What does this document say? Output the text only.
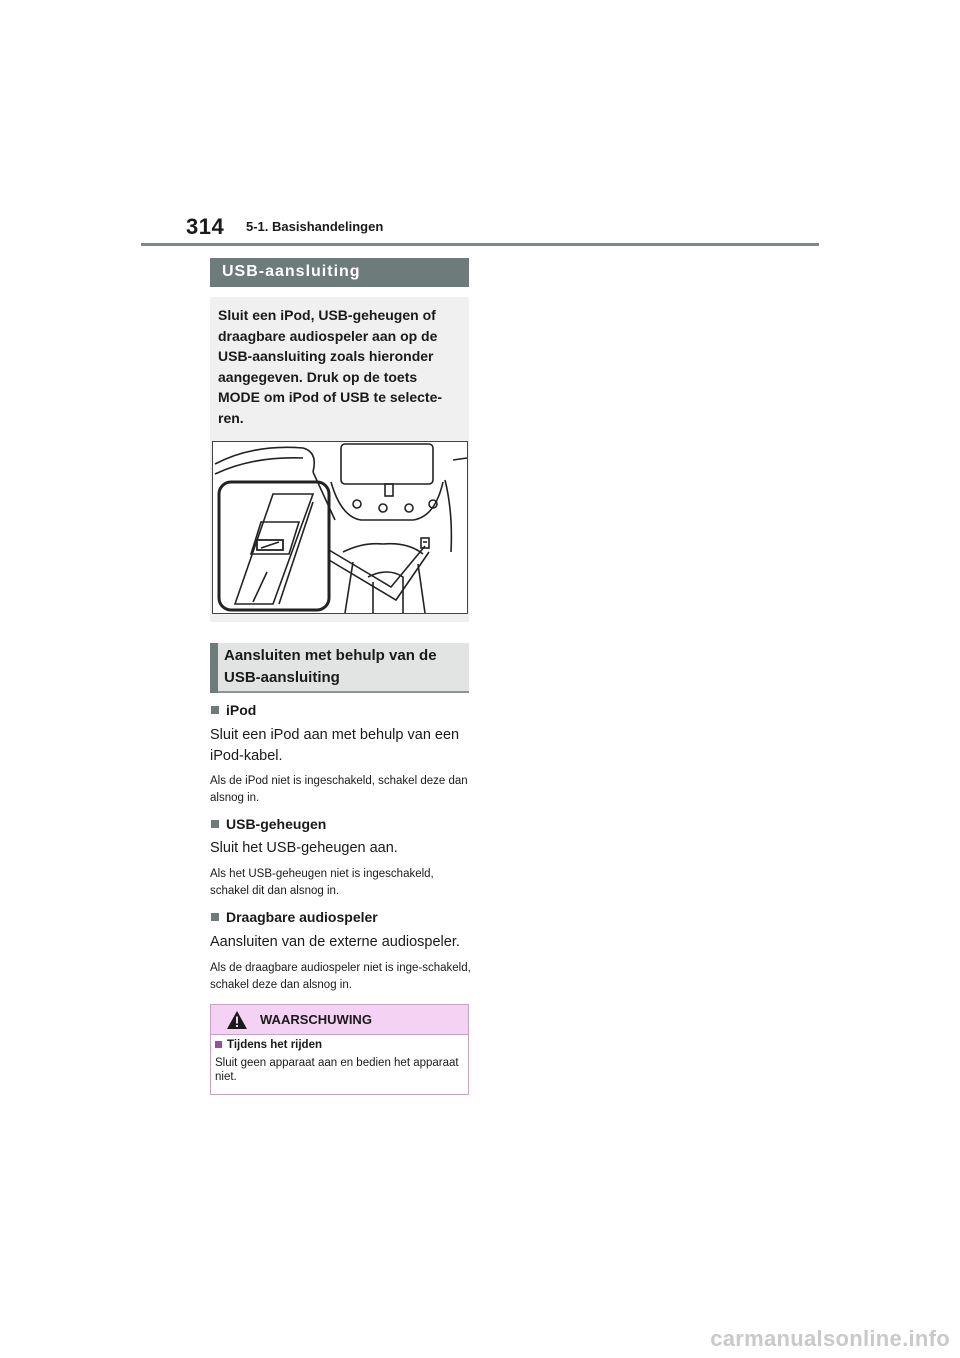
314 5-1. Basishandelingen
USB-aansluiting
Sluit een iPod, USB-geheugen of draagbare audiospeler aan op de USB-aansluiting zoals hieronder aangegeven. Druk op de toets MODE om iPod of USB te selecte-ren.
Aansluiten met behulp van de USB-aansluiting
iPod
Sluit een iPod aan met behulp van een iPod-kabel.
Als de iPod niet is ingeschakeld, schakel deze dan alsnog in.
USB-geheugen
Sluit het USB-geheugen aan.
Als het USB-geheugen niet is ingeschakeld, schakel dit dan alsnog in.
Draagbare audiospeler
Aansluiten van de externe audiospeler.
Als de draagbare audiospeler niet is inge-schakeld, schakel deze dan alsnog in.
WAARSCHUWING
Tijdens het rijden
Sluit geen apparaat aan en bedien het apparaat niet.
carmanualsonline.info
